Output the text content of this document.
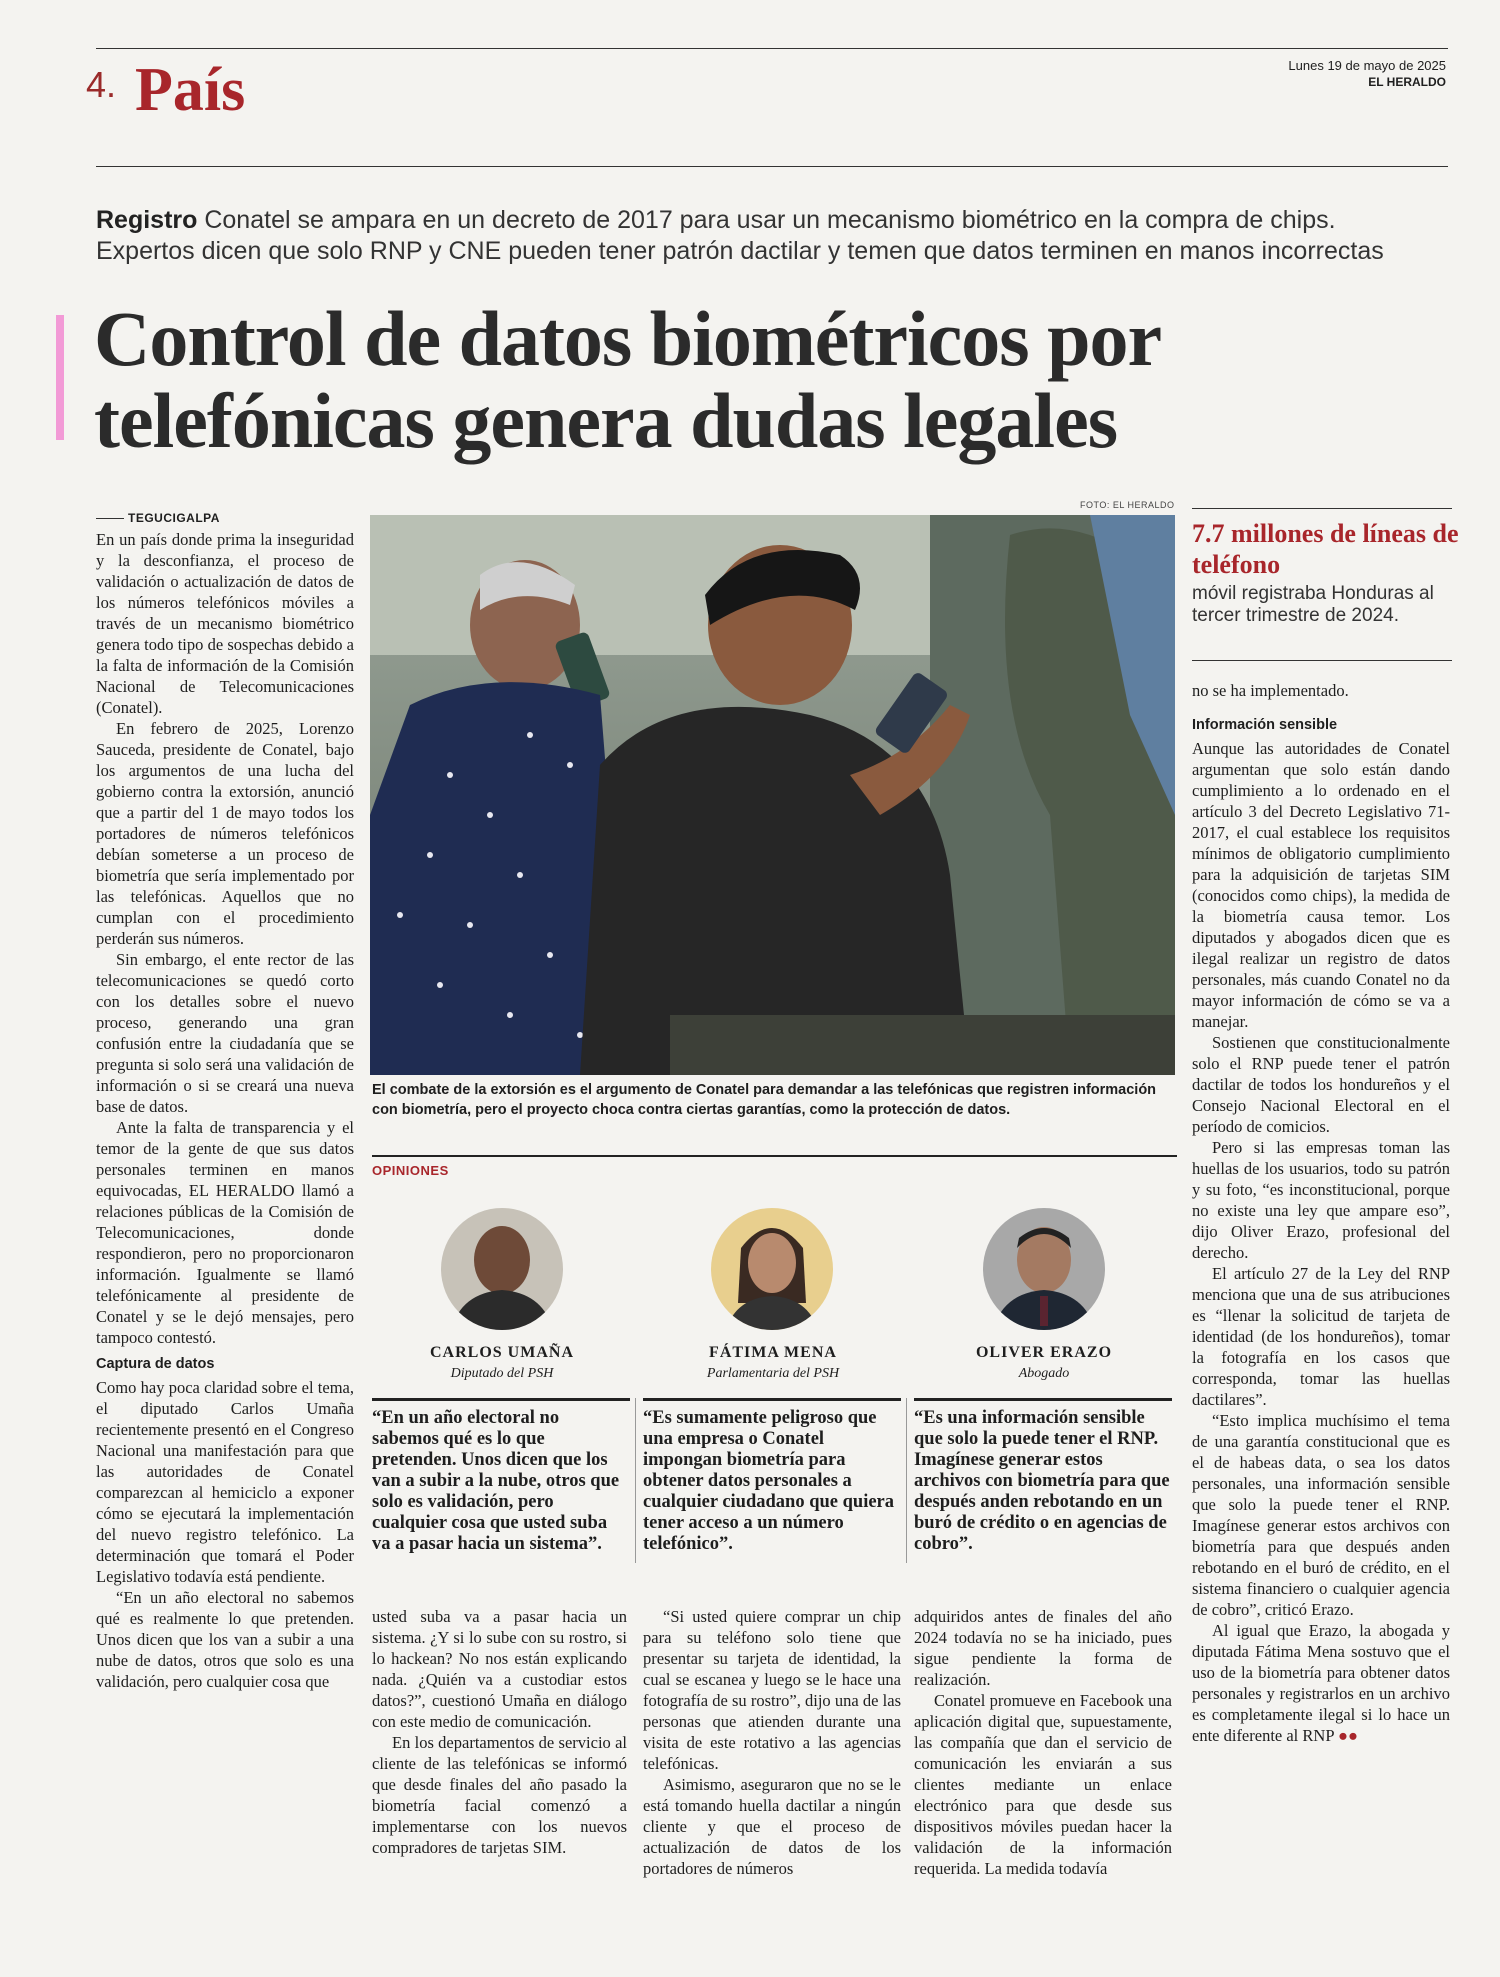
4. País	Lunes 19 de mayo de 2025
EL HERALDO
Registro Conatel se ampara en un decreto de 2017 para usar un mecanismo biométrico en la compra de chips.
Expertos dicen que solo RNP y CNE pueden tener patrón dactilar y temen que datos terminen en manos incorrectas
Control de datos biométricos por
telefónicas genera dudas legales
TEGUCIGALPA

En un país donde prima la inseguridad y la desconfianza, el proceso de validación o actualización de datos de los números telefónicos móviles a través de un mecanismo biométrico genera todo tipo de sospechas debido a la falta de información de la Comisión Nacional de Telecomunicaciones (Conatel).

En febrero de 2025, Lorenzo Sauceda, presidente de Conatel, bajo los argumentos de una lucha del gobierno contra la extorsión, anunció que a partir del 1 de mayo todos los portadores de números telefónicos debían someterse a un proceso de biometría que sería implementado por las telefónicas. Aquellos que no cumplan con el procedimiento perderán sus números.

Sin embargo, el ente rector de las telecomunicaciones se quedó corto con los detalles sobre el nuevo proceso, generando una gran confusión entre la ciudadanía que se pregunta si solo será una validación de información o si se creará una nueva base de datos.

Ante la falta de transparencia y el temor de la gente de que sus datos personales terminen en manos equivocadas, EL HERALDO llamó a relaciones públicas de la Comisión de Telecomunicaciones, donde respondieron, pero no proporcionaron información. Igualmente se llamó telefónicamente al presidente de Conatel y se le dejó mensajes, pero tampoco contestó.

Captura de datos

Como hay poca claridad sobre el tema, el diputado Carlos Umaña recientemente presentó en el Congreso Nacional una manifestación para que las autoridades de Conatel comparezcan al hemiciclo a exponer cómo se ejecutará la implementación del nuevo registro telefónico. La determinación que tomará el Poder Legislativo todavía está pendiente.

“En un año electoral no sabemos qué es realmente lo que pretenden. Unos dicen que los van a subir a una nube de datos, otros que solo es una validación, pero cualquier cosa que

FOTO: EL HERALDO
El combate de la extorsión es el argumento de Conatel para demandar a las telefónicas que registren información con biometría, pero el proyecto choca contra ciertas garantías, como la protección de datos.
7.7 millones de líneas de teléfono
móvil registraba Honduras al tercer trimestre de 2024.
OPINIONES
CARLOS UMAÑA
Diputado del PSH
FÁTIMA MENA
Parlamentaria del PSH
OLIVER ERAZO
Abogado
“En un año electoral no sabemos qué es lo que pretenden. Unos dicen que los van a subir a la nube, otros que solo es validación, pero cualquier cosa que usted suba va a pasar hacia un sistema”.
“Es sumamente peligroso que una empresa o Conatel impongan biometría para obtener datos personales a cualquier ciudadano que quiera tener acceso a un número telefónico”.
“Es una información sensible que solo la puede tener el RNP. Imagínese generar estos archivos con biometría para que después anden rebotando en un buró de crédito o en agencias de cobro”.

usted suba va a pasar hacia un sistema. ¿Y si lo sube con su rostro, si lo hackean? No nos están explicando nada. ¿Quién va a custodiar estos datos?”, cuestionó Umaña en diálogo con este medio de comunicación.

En los departamentos de servicio al cliente de las telefónicas se informó que desde finales del año pasado la biometría facial comenzó a implementarse con los nuevos compradores de tarjetas SIM.

“Si usted quiere comprar un chip para su teléfono solo tiene que presentar su tarjeta de identidad, la cual se escanea y luego se le hace una fotografía de su rostro”, dijo una de las personas que atienden durante una visita de este rotativo a las agencias telefónicas.

Asimismo, aseguraron que no se le está tomando huella dactilar a ningún cliente y que el proceso de actualización de datos de los portadores de números

adquiridos antes de finales del año 2024 todavía no se ha iniciado, pues sigue pendiente la forma de realización.

Conatel promueve en Facebook una aplicación digital que, supuestamente, las compañía que dan el servicio de comunicación les enviarán a sus clientes mediante un enlace electrónico para que desde sus dispositivos móviles puedan hacer la validación de la información requerida. La medida todavía

no se ha implementado.

Información sensible

Aunque las autoridades de Conatel argumentan que solo están dando cumplimiento a lo ordenado en el artículo 3 del Decreto Legislativo 71-2017, el cual establece los requisitos mínimos de obligatorio cumplimiento para la adquisición de tarjetas SIM (conocidos como chips), la medida de la biometría causa temor. Los diputados y abogados dicen que es ilegal realizar un registro de datos personales, más cuando Conatel no da mayor información de cómo se va a manejar.

Sostienen que constitucionalmente solo el RNP puede tener el patrón dactilar de todos los hondureños y el Consejo Nacional Electoral en el período de comicios.

Pero si las empresas toman las huellas de los usuarios, todo su patrón y su foto, “es inconstitucional, porque no existe una ley que ampare eso”, dijo Oliver Erazo, profesional del derecho.

El artículo 27 de la Ley del RNP menciona que una de sus atribuciones es “llenar la solicitud de tarjeta de identidad (de los hondureños), tomar la fotografía en los casos que corresponda, tomar las huellas dactilares”.

“Esto implica muchísimo el tema de una garantía constitucional que es el de habeas data, o sea los datos personales, una información sensible que solo la puede tener el RNP. Imagínese generar estos archivos con biometría para que después anden rebotando en el buró de crédito, en el sistema financiero o cualquier agencia de cobro”, criticó Erazo.

Al igual que Erazo, la abogada y diputada Fátima Mena sostuvo que el uso de la biometría para obtener datos personales y registrarlos en un archivo es completamente ilegal si lo hace un ente diferente al RNP ●●
